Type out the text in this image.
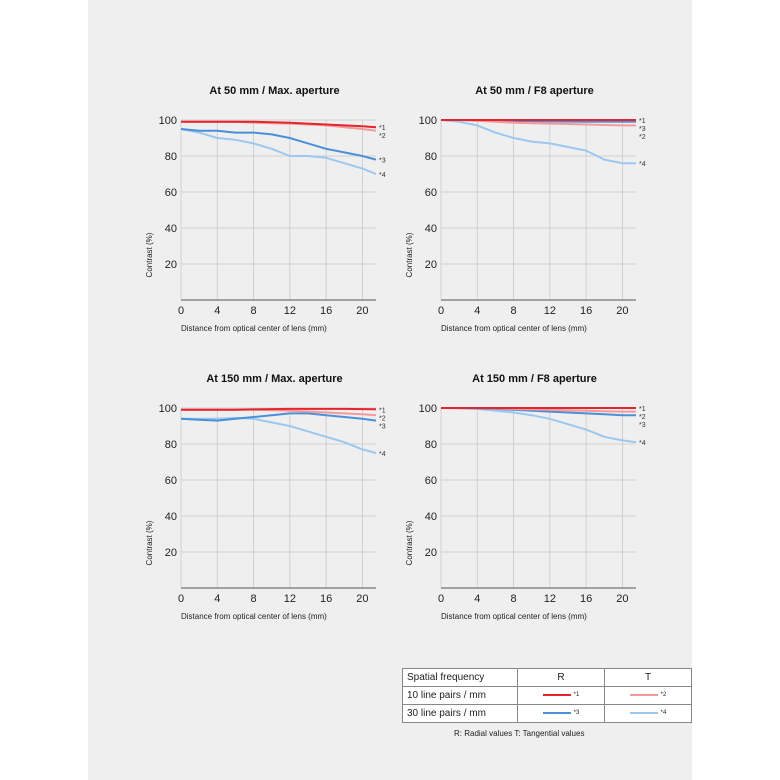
At 50 mm / Max. aperture
0	4	8 12 16 20
20
40
60
80
100
Distance from optical center of lens (mm)
Contrast (%)
*1
*2
*3
*4
At 50 mm / F8 aperture
0	4	8 12 16 20
20
40
60
80
100
Distance from optical center of lens (mm)
Contrast (%)
*1
*3
*2
*4
At 150 mm / Max. aperture
0	4	8 12 16 20
20
40
60
80
100
Distance from optical center of lens (mm)
Contrast (%)
*1
*2
*3
*4
At 150 mm / F8 aperture
0	4	8 12 16 20
20
40
60
80
100
Distance from optical center of lens (mm)
Contrast (%)
*1
*2
*3
*4
Spatial frequency	R	T
10 line pairs / mm	*1	*2
30 line pairs / mm	*3	*4
R: Radial values T: Tangential values
